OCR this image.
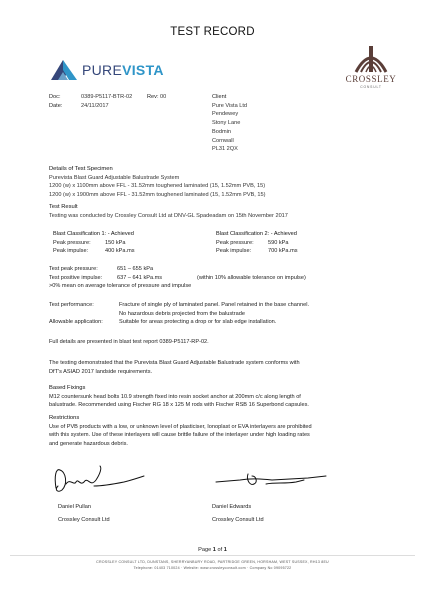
TEST RECORD
PUREVISTA
CROSSLEY
CONSULT
Doc:	0389-P5117-BTR-02	Rev:00
Date:	24/11/2017
Client
Pure Vista Ltd
Pendewey
Stony Lane
Bodmin
Cornwall
PL31 2QX
Details of Test Specimen
Purevista Blast Guard Adjustable Balustrade System
1200 (w) x 1100mm above FFL - 31.52mm toughened laminated (15, 1.52mm PVB, 15)
1200 (w) x 1900mm above FFL - 31.52mm toughened laminated (15, 1.52mm PVB, 15)
Test Result
Testing was conducted by Crossley Consult Ltd at DNV-GL Spadeadam on 15th November 2017
Blast Classification 1: - Achieved
Peak pressure:	150 kPa
Peak impulse:	400 kPa.ms
Blast Classification 2: - Achieved
Peak pressure:	590 kPa
Peak impulse:	700 kPa.ms
Test peak pressure:	651 – 655 kPa
Test positive impulse:	637 – 641 kPa.ms	(within 10% allowable tolerance on impulse)
>0% mean on average tolerance of pressure and impulse
Test performance:	Fracture of single ply of laminated panel. Panel retained in the base channel.
No hazardous debris projected from the balustrade
Allowable application:	Suitable for areas protecting a drop or for slab edge installation.
Full details are presented in blast test report 0389-P5117-RP-02.
The testing demonstrated that the Purevista Blast Guard Adjustable Balustrade system conforms with
DfT's ASIAD 2017 landside requirements.
Based Fixings
M12 countersunk head bolts 10.9 strength fixed into resin socket anchor at 200mm c/c along length of
balustrade. Recommended using Fischer RG 18 x 125 M rods with Fischer RSB 16 Superbond capsules.
Restrictions
Use of PVB products with a low, or unknown level of plasticiser, Ionoplast or EVA interlayers are prohibited
with this system. Use of these interlayers will cause brittle failure of the interlayer under high loading rates
and generate hazardous debris.
Daniel Pullan
Crossley Consult Ltd
Daniel Edwards
Crossley Consult Ltd
Page 1 of 1
CROSSLEY CONSULT LTD, DUNSTANS, SHERRYANBURY ROAD, PARTRIDGE GREEN, HORSHAM, WEST SUSSEX, RH13 8EU
Telephone: 01403 710024 · Website: www.crossleyconsult.com · Company No 09095722
